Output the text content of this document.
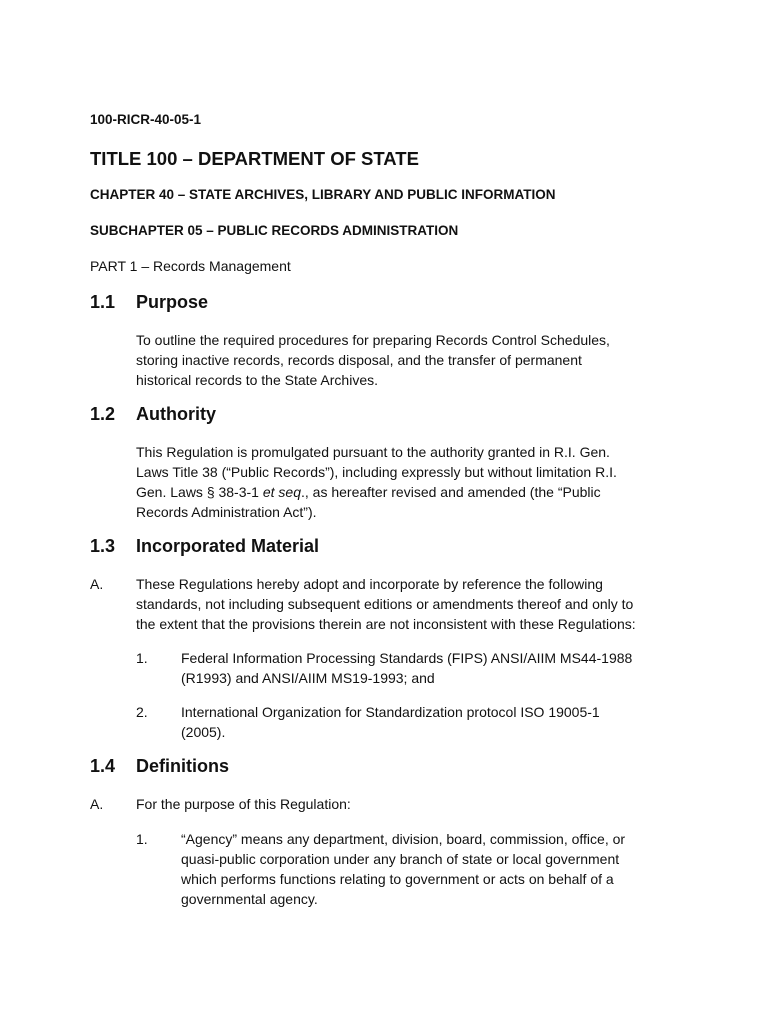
100-RICR-40-05-1
TITLE 100 – DEPARTMENT OF STATE
CHAPTER 40 – STATE ARCHIVES, LIBRARY AND PUBLIC INFORMATION
SUBCHAPTER 05 – PUBLIC RECORDS ADMINISTRATION
PART 1 – Records Management
1.1 Purpose
To outline the required procedures for preparing Records Control Schedules,
storing inactive records, records disposal, and the transfer of permanent
historical records to the State Archives.
1.2 Authority
This Regulation is promulgated pursuant to the authority granted in R.I. Gen.
Laws Title 38 (“Public Records”), including expressly but without limitation R.I.
Gen. Laws § 38-3-1 et seq., as hereafter revised and amended (the “Public
Records Administration Act”).
1.3 Incorporated Material
A. These Regulations hereby adopt and incorporate by reference the following
standards, not including subsequent editions or amendments thereof and only to
the extent that the provisions therein are not inconsistent with these Regulations:
1. Federal Information Processing Standards (FIPS) ANSI/AIIM MS44-1988
(R1993) and ANSI/AIIM MS19-1993; and
2. International Organization for Standardization protocol ISO 19005-1
(2005).
1.4 Definitions
A. For the purpose of this Regulation:
1. “Agency” means any department, division, board, commission, office, or
quasi-public corporation under any branch of state or local government
which performs functions relating to government or acts on behalf of a
governmental agency.
